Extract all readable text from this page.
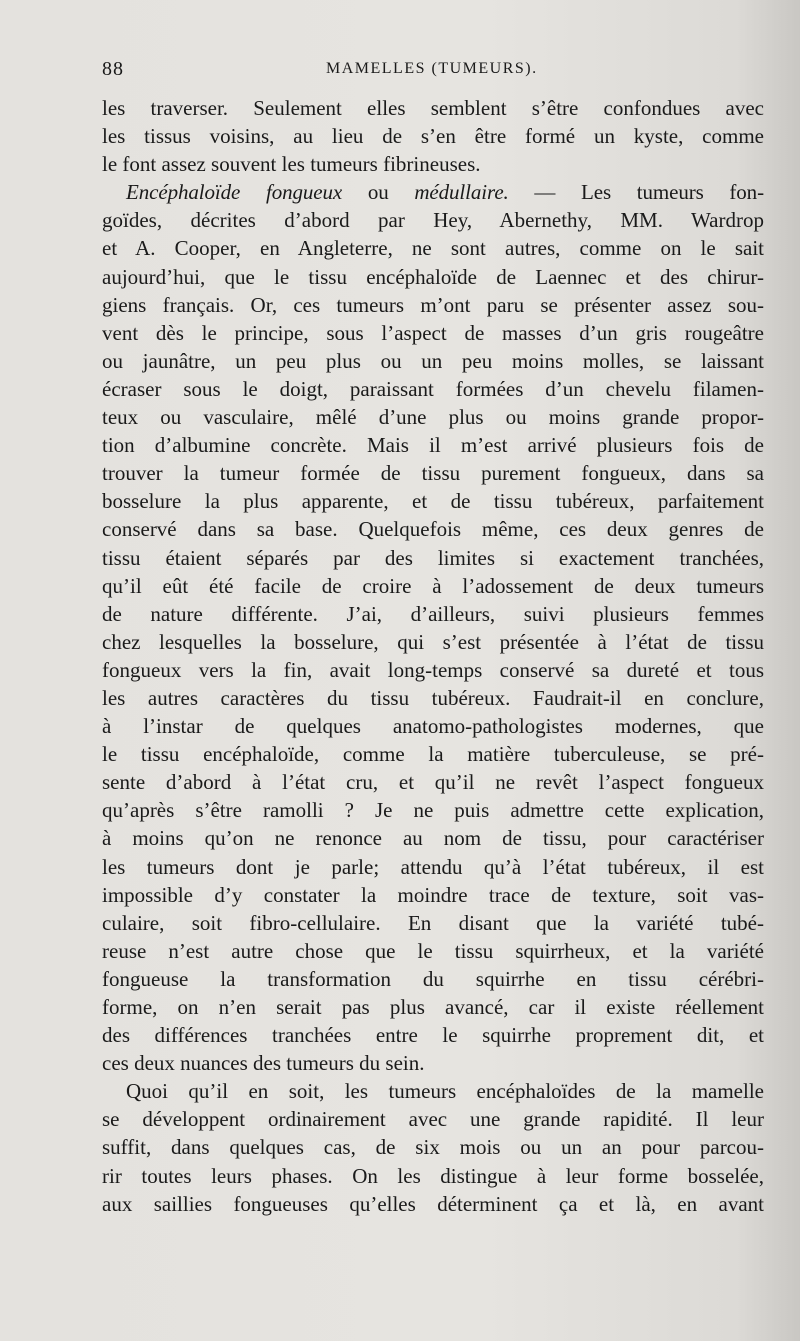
88	MAMELLES (TUMEURS).
les traverser. Seulement elles semblent s’être confondues avec
les tissus voisins, au lieu de s’en être formé un kyste, comme
le font assez souvent les tumeurs fibrineuses.
Encéphaloïde fongueux ou médullaire. — Les tumeurs fon-
goïdes, décrites d’abord par Hey, Abernethy, MM. Wardrop
et A. Cooper, en Angleterre, ne sont autres, comme on le sait
aujourd’hui, que le tissu encéphaloïde de Laennec et des chirur-
giens français. Or, ces tumeurs m’ont paru se présenter assez sou-
vent dès le principe, sous l’aspect de masses d’un gris rougeâtre
ou jaunâtre, un peu plus ou un peu moins molles, se laissant
écraser sous le doigt, paraissant formées d’un chevelu filamen-
teux ou vasculaire, mêlé d’une plus ou moins grande propor-
tion d’albumine concrète. Mais il m’est arrivé plusieurs fois de
trouver la tumeur formée de tissu purement fongueux, dans sa
bosselure la plus apparente, et de tissu tubéreux, parfaitement
conservé dans sa base. Quelquefois même, ces deux genres de
tissu étaient séparés par des limites si exactement tranchées,
qu’il eût été facile de croire à l’adossement de deux tumeurs
de nature différente. J’ai, d’ailleurs, suivi plusieurs femmes
chez lesquelles la bosselure, qui s’est présentée à l’état de tissu
fongueux vers la fin, avait long-temps conservé sa dureté et tous
les autres caractères du tissu tubéreux. Faudrait-il en conclure,
à l’instar de quelques anatomo-pathologistes modernes, que
le tissu encéphaloïde, comme la matière tuberculeuse, se pré-
sente d’abord à l’état cru, et qu’il ne revêt l’aspect fongueux
qu’après s’être ramolli ? Je ne puis admettre cette explication,
à moins qu’on ne renonce au nom de tissu, pour caractériser
les tumeurs dont je parle; attendu qu’à l’état tubéreux, il est
impossible d’y constater la moindre trace de texture, soit vas-
culaire, soit fibro-cellulaire. En disant que la variété tubé-
reuse n’est autre chose que le tissu squirrheux, et la variété
fongueuse la transformation du squirrhe en tissu cérébri-
forme, on n’en serait pas plus avancé, car il existe réellement
des différences tranchées entre le squirrhe proprement dit, et
ces deux nuances des tumeurs du sein.
Quoi qu’il en soit, les tumeurs encéphaloïdes de la mamelle
se développent ordinairement avec une grande rapidité. Il leur
suffit, dans quelques cas, de six mois ou un an pour parcou-
rir toutes leurs phases. On les distingue à leur forme bosselée,
aux saillies fongueuses qu’elles déterminent ça et là, en avant
